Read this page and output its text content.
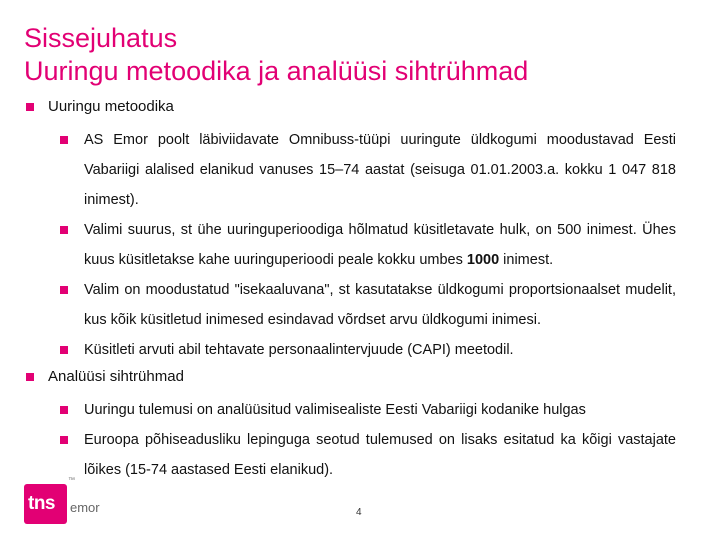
Sissejuhatus
Uuringu metoodika ja analüüsi sihtrühmad
Uuringu metoodika
AS Emor poolt läbiviidavate Omnibuss-tüüpi uuringute üldkogumi moodustavad Eesti Vabariigi alalised elanikud vanuses 15–74 aastat (seisuga 01.01.2003.a. kokku 1 047 818 inimest).
Valimi suurus, st ühe uuringuperioodiga hõlmatud küsitletavate hulk, on 500 inimest. Ühes kuus küsitletakse kahe uuringuperioodi peale kokku umbes 1000 inimest.
Valim on moodustatud "isekaaluvana", st kasutatakse üldkogumi proportsionaalset mudelit, kus kõik küsitletud inimesed esindavad võrdset arvu üldkogumi inimesi.
Küsitleti arvuti abil tehtavate personaalintervjuude (CAPI) meetodil.
Analüüsi sihtrühmad
Uuringu tulemusi on analüüsitud valimisealiste Eesti Vabariigi kodanike hulgas
Euroopa põhiseadusliku lepinguga seotud tulemused on lisaks esitatud ka kõigi vastajate lõikes (15-74 aastased Eesti elanikud).
tns
™
emor	4
